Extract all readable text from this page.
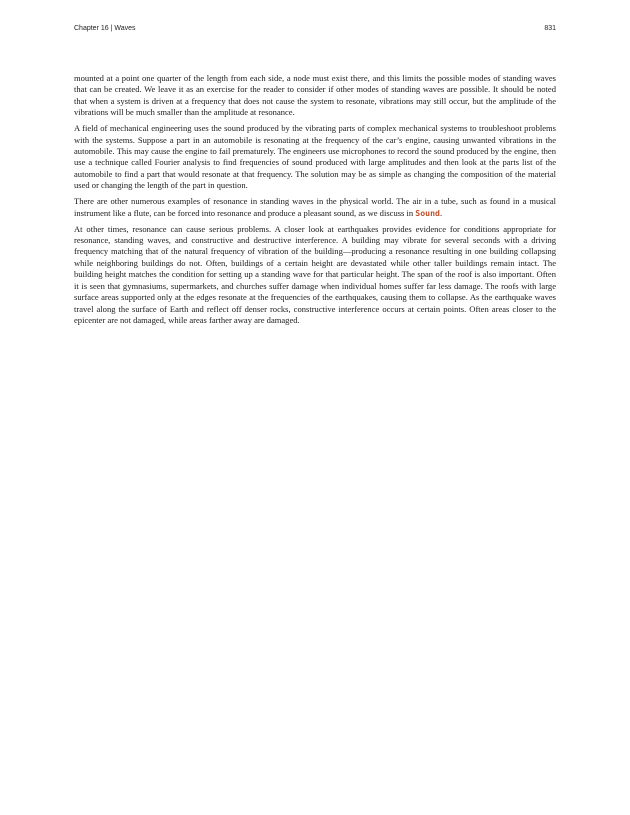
Chapter 16 | Waves	831

mounted at a point one quarter of the length from each side, a node must exist there, and this limits the possible modes of standing waves that can be created. We leave it as an exercise for the reader to consider if other modes of standing waves are possible. It should be noted that when a system is driven at a frequency that does not cause the system to resonate, vibrations may still occur, but the amplitude of the vibrations will be much smaller than the amplitude at resonance.

A field of mechanical engineering uses the sound produced by the vibrating parts of complex mechanical systems to troubleshoot problems with the systems. Suppose a part in an automobile is resonating at the frequency of the car’s engine, causing unwanted vibrations in the automobile. This may cause the engine to fail prematurely. The engineers use microphones to record the sound produced by the engine, then use a technique called Fourier analysis to find frequencies of sound produced with large amplitudes and then look at the parts list of the automobile to find a part that would resonate at that frequency. The solution may be as simple as changing the composition of the material used or changing the length of the part in question.

There are other numerous examples of resonance in standing waves in the physical world. The air in a tube, such as found in a musical instrument like a flute, can be forced into resonance and produce a pleasant sound, as we discuss in Sound.

At other times, resonance can cause serious problems. A closer look at earthquakes provides evidence for conditions appropriate for resonance, standing waves, and constructive and destructive interference. A building may vibrate for several seconds with a driving frequency matching that of the natural frequency of vibration of the building—producing a resonance resulting in one building collapsing while neighboring buildings do not. Often, buildings of a certain height are devastated while other taller buildings remain intact. The building height matches the condition for setting up a standing wave for that particular height. The span of the roof is also important. Often it is seen that gymnasiums, supermarkets, and churches suffer damage when individual homes suffer far less damage. The roofs with large surface areas supported only at the edges resonate at the frequencies of the earthquakes, causing them to collapse. As the earthquake waves travel along the surface of Earth and reflect off denser rocks, constructive interference occurs at certain points. Often areas closer to the epicenter are not damaged, while areas farther away are damaged.
